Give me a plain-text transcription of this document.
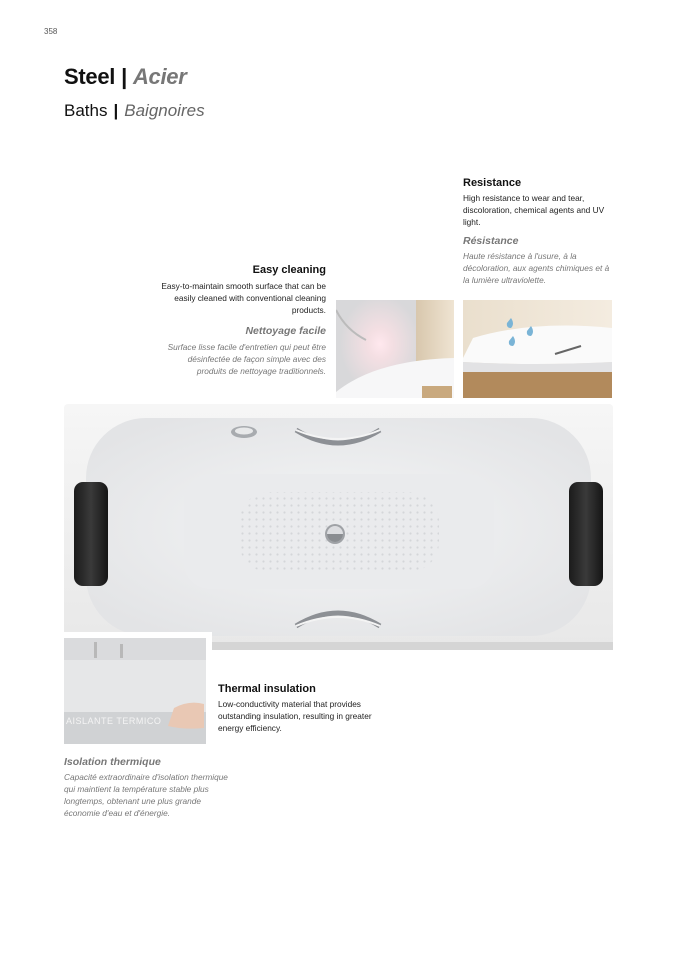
358
Steel | Acier
Baths | Baignoires
Resistance
High resistance to wear and tear, discoloration, chemical agents and UV light.
Résistance
Haute résistance à l'usure, à la décoloration, aux agents chimiques et à la lumière ultraviolette.
Easy cleaning
Easy-to-maintain smooth surface that can be easily cleaned with conventional cleaning products.
Nettoyage facile
Surface lisse facile d'entretien qui peut être désinfectée de façon simple avec des produits de nettoyage traditionnels.
AISLANTE TERMICO
Thermal insulation
Low-conductivity material that provides outstanding insulation, resulting in greater energy efficiency.
Isolation thermique
Capacité extraordinaire d'isolation thermique qui maintient la température stable plus longtemps, obtenant une plus grande économie d'eau et d'énergie.
